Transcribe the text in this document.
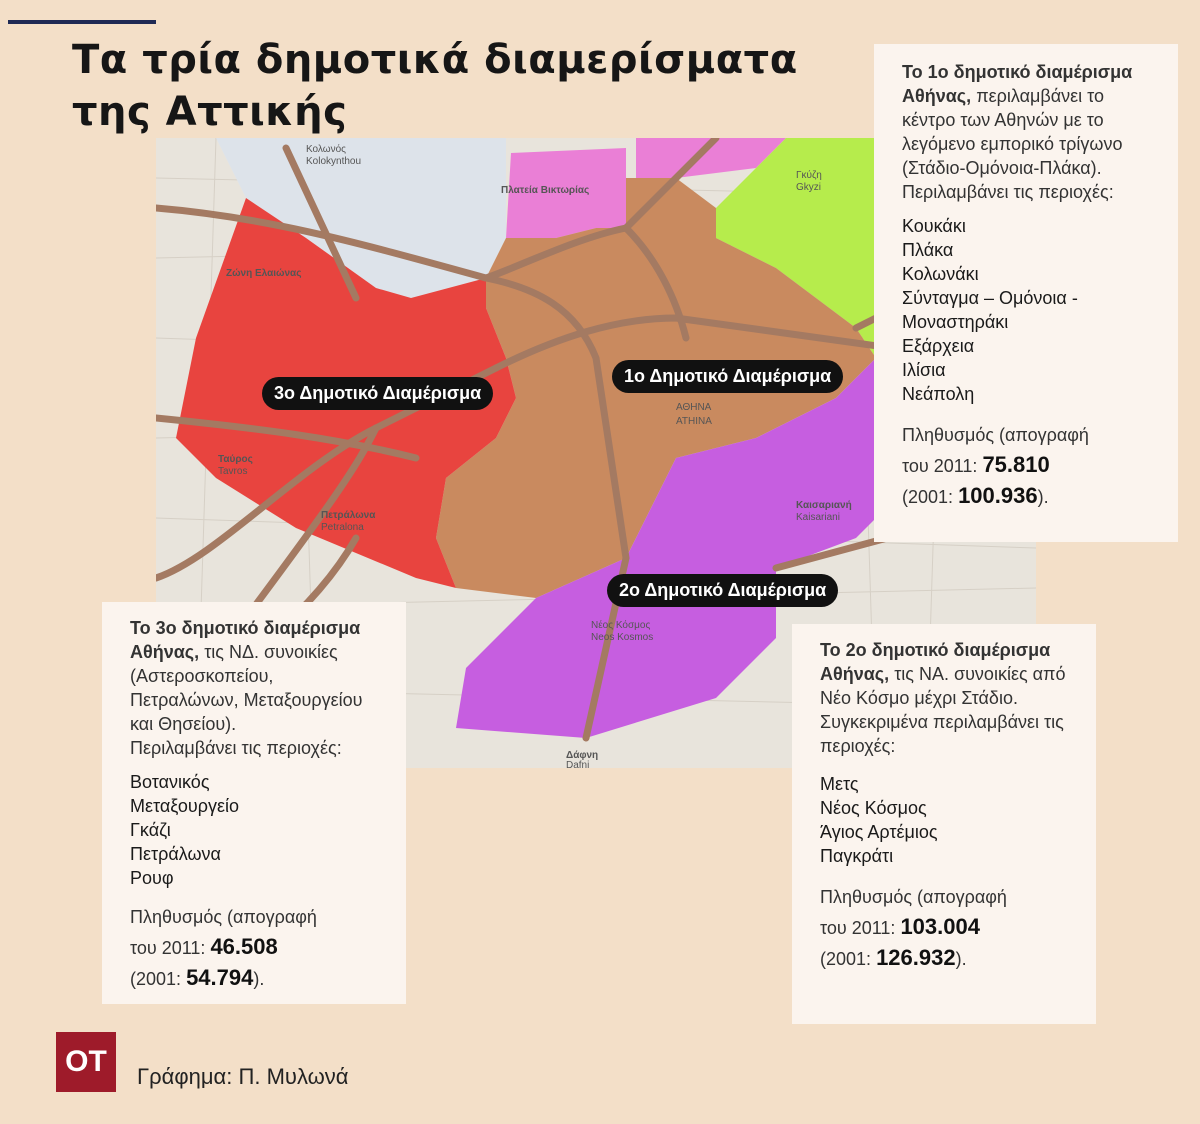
Τα τρία δημοτικά διαμερίσματα
της Αττικής
Κολωνός
Kolokynthou
Πλατεία Βικτωρίας
Γκύζη
Gkyzi
Ζώνη Ελαιώνας
ΑΘΗΝΑ
ATHINA
Ταύρος
Tavros
Πετράλωνα
Petralona
Καισαριανή
Kaisariani
Νέος Κόσμος
Neos Kosmos
Δάφνη
Dafni
3ο Δημοτικό Διαμέρισμα
1ο Δημοτικό Διαμέρισμα
2ο Δημοτικό Διαμέρισμα
Το 1ο δημοτικό διαμέρισμα Αθήνας, περιλαμβάνει το κέντρο των Αθηνών με το λεγόμενο εμπορικό τρίγωνο (Στάδιο-Ομόνοια-Πλάκα).
Περιλαμβάνει τις περιοχές:
Κουκάκι
Πλάκα
Κολωνάκι
Σύνταγμα – Ομόνοια -
Μοναστηράκι
Εξάρχεια
Ιλίσια
Νεάπολη
Πληθυσμός (απογραφή
του 2011: 75.810
(2001: 100.936).
Το 3ο δημοτικό διαμέρισμα Αθήνας, τις ΝΔ. συνοικίες (Αστεροσκοπείου, Πετραλώνων, Μεταξουργείου και Θησείου).
Περιλαμβάνει τις περιοχές:
Βοτανικός
Μεταξουργείο
Γκάζι
Πετράλωνα
Ρουφ
Πληθυσμός (απογραφή
του 2011: 46.508
(2001: 54.794).
Το 2ο δημοτικό διαμέρισμα Αθήνας, τις ΝΑ. συνοικίες από Νέο Κόσμο μέχρι Στάδιο. Συγκεκριμένα περιλαμβάνει τις περιοχές:
Μετς
Νέος Κόσμος
Άγιος Αρτέμιος
Παγκράτι
Πληθυσμός (απογραφή
του 2011: 103.004
(2001: 126.932).
OT	Γράφημα: Π. Μυλωνά
